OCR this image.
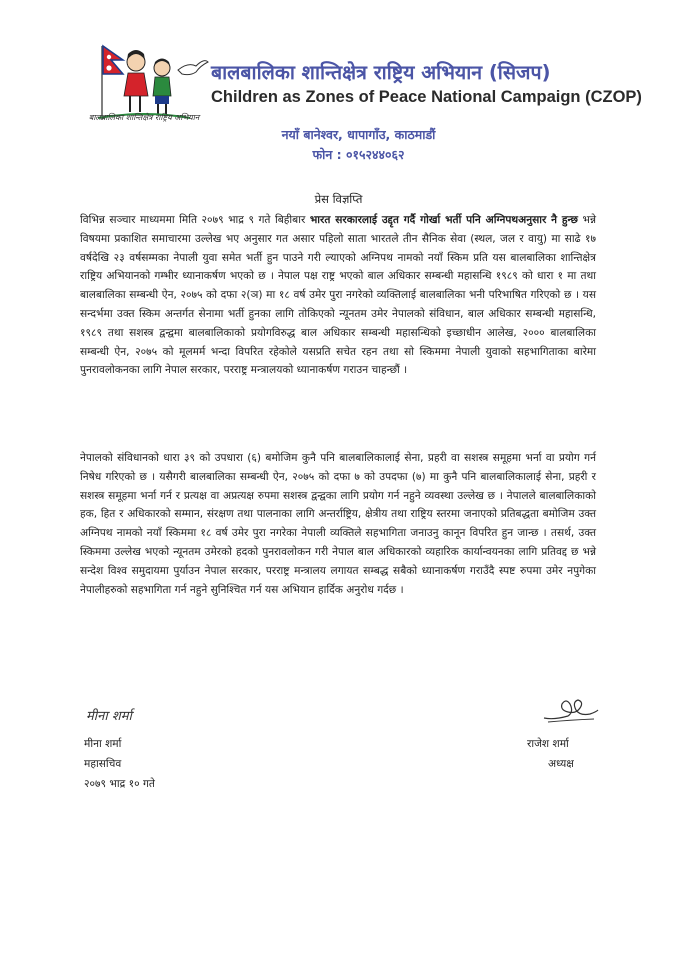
बालबालिका शान्तिक्षेत्र राष्ट्रिय अभियान
बालबालिका शान्तिक्षेत्र राष्ट्रिय अभियान (सिजप)
Children as Zones of Peace National Campaign (CZOP)
नयाँ बानेश्वर, धापागाँउ, काठमाडौं
फोन : ०१५२४४०६२
प्रेस विज्ञप्ति
विभिन्न सञ्चार माध्यममा मिति २०७९ भाद्र ९ गते बिहीबार भारत सरकारलाई उद्दृत गर्दै गोर्खा भर्ती पनि अग्निपथअनुसार नै हुन्छ भन्ने विषयमा प्रकाशित समाचारमा उल्लेख भए अनुसार गत असार पहिलो साता भारतले तीन सैनिक सेवा (स्थल, जल र वायु) मा साढे १७ वर्षदेखि २३ वर्षसम्मका नेपाली युवा समेत भर्ती हुन पाउने गरी ल्याएको अग्निपथ नामको नयाँ स्किम प्रति यस बालबालिका शान्तिक्षेत्र राष्ट्रिय अभियानको गम्भीर ध्यानाकर्षण भएको छ । नेपाल पक्ष राष्ट्र भएको बाल अधिकार सम्बन्धी महासन्धि १९८९ को धारा १ मा तथा बालबालिका सम्बन्धी ऐन, २०७५ को दफा २(ञ) मा १८ वर्ष उमेर पुरा नगरेको व्यक्तिलाई बालबालिका भनी परिभाषित गरिएको छ । यस सन्दर्भमा उक्त स्किम अन्तर्गत सेनामा भर्ती हुनका लागि तोकिएको न्यूनतम उमेर नेपालको संविधान, बाल अधिकार सम्बन्धी महासन्धि, १९८९ तथा सशस्त्र द्वन्द्वमा बालबालिकाको प्रयोगविरुद्ध बाल अधिकार सम्बन्धी महासन्धिको इच्छाधीन आलेख, २००० बालबालिका सम्बन्धी ऐन, २०७५ को मूलमर्म भन्दा विपरित रहेकोले यसप्रति सचेत रहन तथा सो स्किममा नेपाली युवाको सहभागिताका बारेमा पुनरावलोकनका लागि नेपाल सरकार, परराष्ट्र मन्त्रालयको ध्यानाकर्षण गराउन चाहन्छौं ।
नेपालको संविधानको धारा ३९ को उपधारा (६) बमोजिम कुनै पनि बालबालिकालाई सेना, प्रहरी वा सशस्त्र समूहमा भर्ना वा प्रयोग गर्न निषेध गरिएको छ । यसैगरी बालबालिका सम्बन्धी ऐन, २०७५ को दफा ७ को उपदफा (७) मा कुनै पनि बालबालिकालाई सेना, प्रहरी र सशस्त्र समूहमा भर्ना गर्न र प्रत्यक्ष वा अप्रत्यक्ष रुपमा सशस्त्र द्वन्द्वका लागि प्रयोग गर्न नहुने व्यवस्था उल्लेख छ । नेपालले बालबालिकाको हक, हित र अधिकारको सम्मान, संरक्षण तथा पालनाका लागि अन्तर्राष्ट्रिय, क्षेत्रीय तथा राष्ट्रिय स्तरमा जनाएको प्रतिबद्धता बमोजिम उक्त अग्निपथ नामको नयाँ स्किममा १८ वर्ष उमेर पुरा नगरेका नेपाली व्यक्तिले सहभागिता जनाउनु कानून विपरित हुन जान्छ । तसर्थ, उक्त स्किममा उल्लेख भएको न्यूनतम उमेरको हदको पुनरावलोकन गरी नेपाल बाल अधिकारको व्यहारिक कार्यान्वयनका लागि प्रतिवद्द छ भन्ने सन्देश विश्व समुदायमा पुर्याउन नेपाल सरकार, परराष्ट्र मन्त्रालय लगायत सम्बद्ध सबैको ध्यानाकर्षण गराउँदै स्पष्ट रुपमा उमेर नपुगेका नेपालीहरुको सहभागिता गर्न नहुने सुनिश्चित गर्न यस अभियान हार्दिक अनुरोध गर्दछ ।
मीना शर्मा
मीना शर्मा
महासचिव
२०७९ भाद्र १० गते
राजेश शर्मा
अध्यक्ष
